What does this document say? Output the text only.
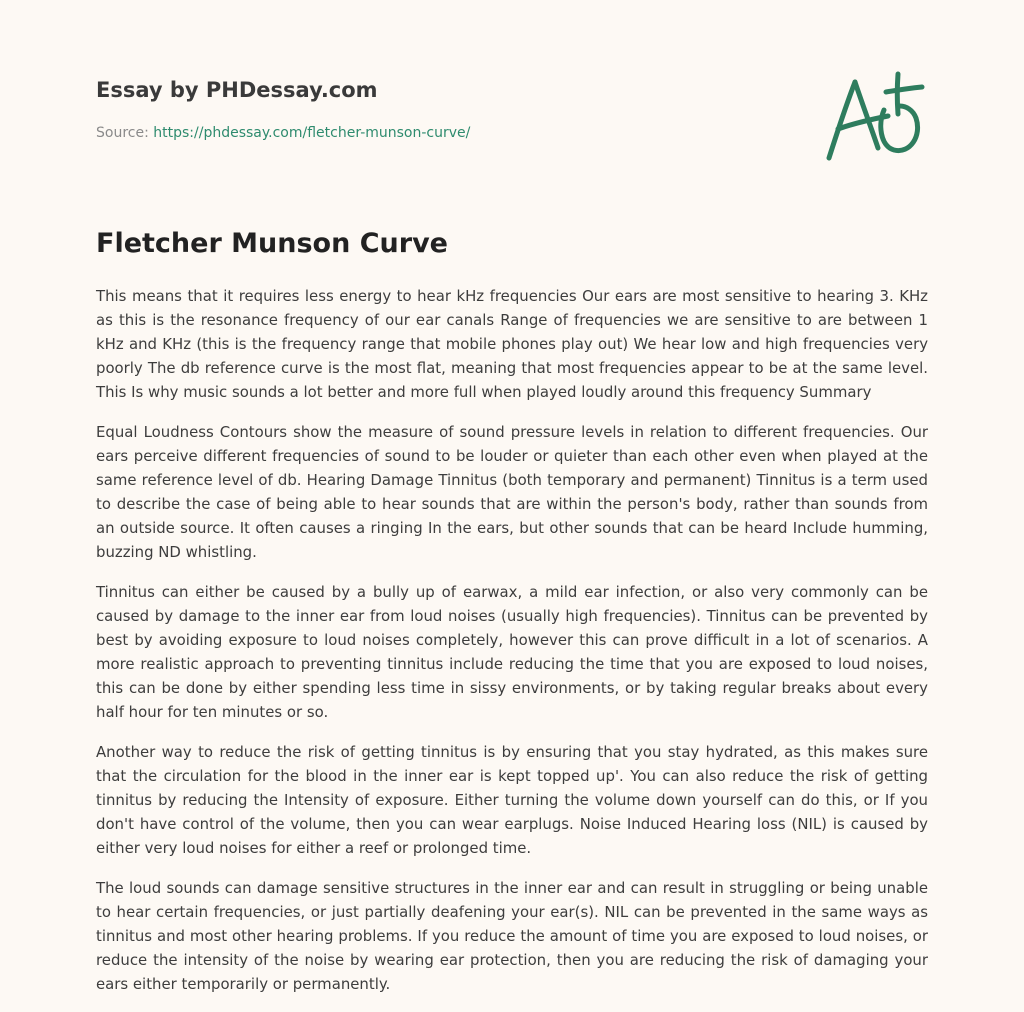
Essay by PHDessay.com

Source: https://phdessay.com/fletcher-munson-curve/

Fletcher Munson Curve

This means that it requires less energy to hear kHz frequencies Our ears are most sensitive to hearing 3. KHz as this is the resonance frequency of our ear canals Range of frequencies we are sensitive to are between 1 kHz and KHz (this is the frequency range that mobile phones play out) We hear low and high frequencies very poorly The db reference curve is the most flat, meaning that most frequencies appear to be at the same level. This Is why music sounds a lot better and more full when played loudly around this frequency Summary

Equal Loudness Contours show the measure of sound pressure levels in relation to different frequencies. Our ears perceive different frequencies of sound to be louder or quieter than each other even when played at the same reference level of db. Hearing Damage Tinnitus (both temporary and permanent) Tinnitus is a term used to describe the case of being able to hear sounds that are within the person's body, rather than sounds from an outside source. It often causes a ringing In the ears, but other sounds that can be heard Include humming, buzzing ND whistling.

Tinnitus can either be caused by a bully up of earwax, a mild ear infection, or also very commonly can be caused by damage to the inner ear from loud noises (usually high frequencies). Tinnitus can be prevented by best by avoiding exposure to loud noises completely, however this can prove difficult in a lot of scenarios. A more realistic approach to preventing tinnitus include reducing the time that you are exposed to loud noises, this can be done by either spending less time in sissy environments, or by taking regular breaks about every half hour for ten minutes or so.

Another way to reduce the risk of getting tinnitus is by ensuring that you stay hydrated, as this makes sure that the circulation for the blood in the inner ear is kept topped up'. You can also reduce the risk of getting tinnitus by reducing the Intensity of exposure. Either turning the volume down yourself can do this, or If you don't have control of the volume, then you can wear earplugs. Noise Induced Hearing loss (NIL) is caused by either very loud noises for either a reef or prolonged time.

The loud sounds can damage sensitive structures in the inner ear and can result in struggling or being unable to hear certain frequencies, or just partially deafening your ear(s). NIL can be prevented in the same ways as tinnitus and most other hearing problems. If you reduce the amount of time you are exposed to loud noises, or reduce the intensity of the noise by wearing ear protection, then you are reducing the risk of damaging your ears either temporarily or permanently.
